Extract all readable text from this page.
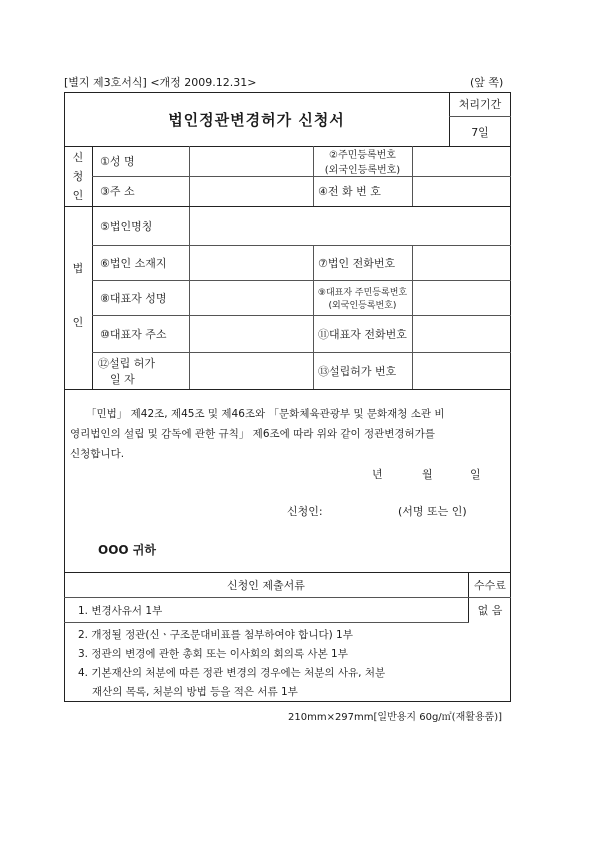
[별지 제3호서식] <개정 2009.12.31>	(앞 쪽)
법인정관변경허가 신청서
처리기간
7일
신
청
인
①성 명	②주민등록번호
(외국인등록번호)
③주 소	④전 화 번 호
법
인
⑤법인명칭
⑥법인 소재지	⑦법인 전화번호
⑧대표자 성명	⑨대표자 주민등록번호
(외국인등록번호)
⑩대표자 주소	⑪대표자 전화번호
⑫설립 허가
일 자
⑬설립허가 번호
「민법」 제42조, 제45조 및 제46조와 「문화체육관광부 및 문화재청 소관 비
영리법인의 설립 및 감독에 관한 규칙」 제6조에 따라 위와 같이 정관변경허가를
신청합니다.
년	월	일
신청인:	(서명 또는 인)
OOO 귀하
신청인 제출서류	수수료
없 음
1. 변경사유서 1부
2. 개정될 정관(신ㆍ구조문대비표를 첨부하여야 합니다) 1부
3. 정관의 변경에 관한 총회 또는 이사회의 회의록 사본 1부
4. 기본재산의 처분에 따른 정관 변경의 경우에는 처분의 사유, 처분
재산의 목록, 처분의 방법 등을 적은 서류 1부
210mm×297mm[일반용지 60g/㎡(재활용품)]
